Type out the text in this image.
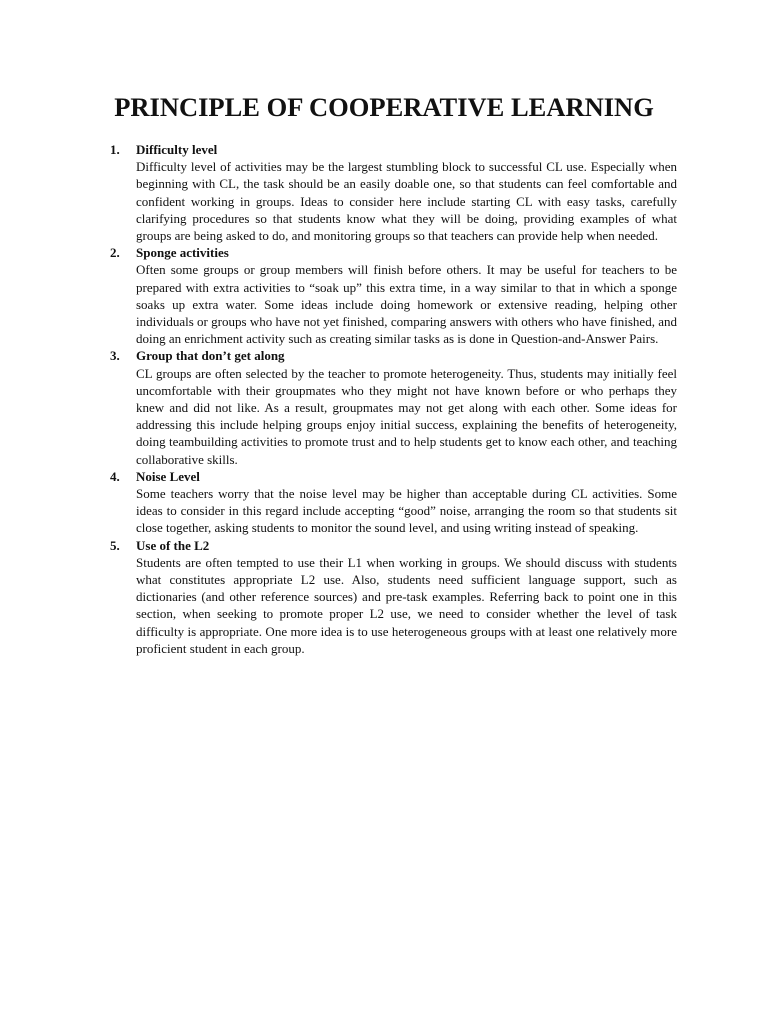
PRINCIPLE OF COOPERATIVE LEARNING
1. Difficulty level

Difficulty level of activities may be the largest stumbling block to successful CL use. Especially when beginning with CL, the task should be an easily doable one, so that students can feel comfortable and confident working in groups. Ideas to consider here include starting CL with easy tasks, carefully clarifying procedures so that students know what they will be doing, providing examples of what groups are being asked to do, and monitoring groups so that teachers can provide help when needed.

2. Sponge activities

Often some groups or group members will finish before others. It may be useful for teachers to be prepared with extra activities to “soak up” this extra time, in a way similar to that in which a sponge soaks up extra water. Some ideas include doing homework or extensive reading, helping other individuals or groups who have not yet finished, comparing answers with others who have finished, and doing an enrichment activity such as creating similar tasks as is done in Question-and-Answer Pairs.

3. Group that don’t get along

CL groups are often selected by the teacher to promote heterogeneity. Thus, students may initially feel uncomfortable with their groupmates who they might not have known before or who perhaps they knew and did not like. As a result, groupmates may not get along with each other. Some ideas for addressing this include helping groups enjoy initial success, explaining the benefits of heterogeneity, doing teambuilding activities to promote trust and to help students get to know each other, and teaching collaborative skills.

4. Noise Level

Some teachers worry that the noise level may be higher than acceptable during CL activities. Some ideas to consider in this regard include accepting “good” noise, arranging the room so that students sit close together, asking students to monitor the sound level, and using writing instead of speaking.

5. Use of the L2

Students are often tempted to use their L1 when working in groups. We should discuss with students what constitutes appropriate L2 use. Also, students need sufficient language support, such as dictionaries (and other reference sources) and pre-task examples. Referring back to point one in this section, when seeking to promote proper L2 use, we need to consider whether the level of task difficulty is appropriate. One more idea is to use heterogeneous groups with at least one relatively more proficient student in each group.
